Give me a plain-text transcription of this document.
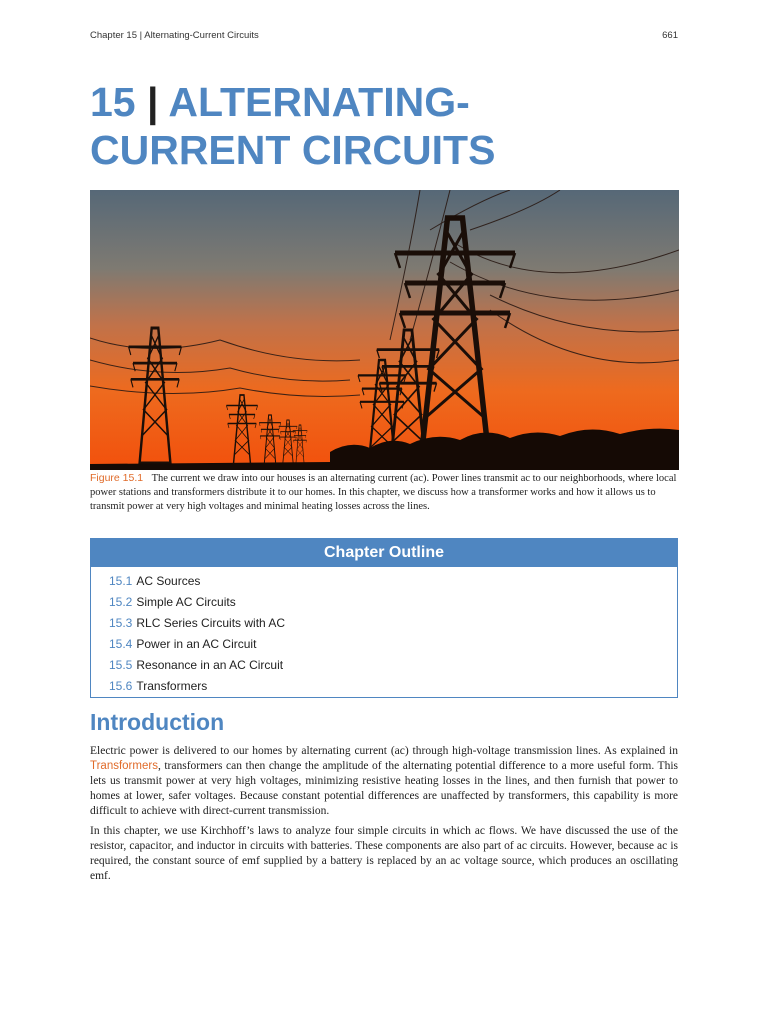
Chapter 15 | Alternating-Current Circuits	661
15 | ALTERNATING-
CURRENT CIRCUITS
Figure 15.1 The current we draw into our houses is an alternating current (ac). Power lines transmit ac to our neighborhoods, where local power stations and transformers distribute it to our homes. In this chapter, we discuss how a transformer works and how it allows us to transmit power at very high voltages and minimal heating losses across the lines.
Chapter Outline
15.1 AC Sources
15.2 Simple AC Circuits
15.3 RLC Series Circuits with AC
15.4 Power in an AC Circuit
15.5 Resonance in an AC Circuit
15.6 Transformers
Introduction

Electric power is delivered to our homes by alternating current (ac) through high-voltage transmission lines. As explained in Transformers, transformers can then change the amplitude of the alternating potential difference to a more useful form. This lets us transmit power at very high voltages, minimizing resistive heating losses in the lines, and then furnish that power to homes at lower, safer voltages. Because constant potential differences are unaffected by transformers, this capability is more difficult to achieve with direct-current transmission.

In this chapter, we use Kirchhoff’s laws to analyze four simple circuits in which ac flows. We have discussed the use of the resistor, capacitor, and inductor in circuits with batteries. These components are also part of ac circuits. However, because ac is required, the constant source of emf supplied by a battery is replaced by an ac voltage source, which produces an oscillating emf.
